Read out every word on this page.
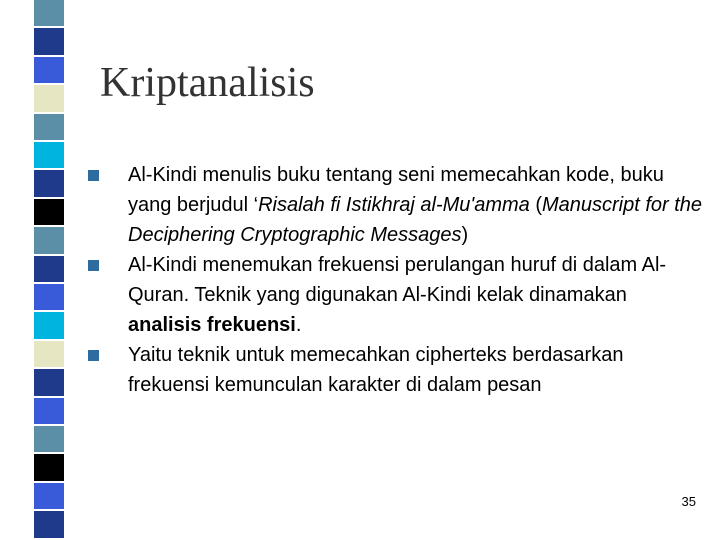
Kriptanalisis
Al-Kindi menulis buku tentang seni memecahkan kode, buku yang berjudul ‘Risalah fi Istikhraj al-Mu'amma (Manuscript for the Deciphering Cryptographic Messages)
Al-Kindi menemukan frekuensi perulangan huruf di dalam Al-Quran. Teknik yang digunakan Al-Kindi kelak dinamakan analisis frekuensi.
Yaitu teknik untuk memecahkan cipherteks berdasarkan frekuensi kemunculan karakter di dalam pesan
35
